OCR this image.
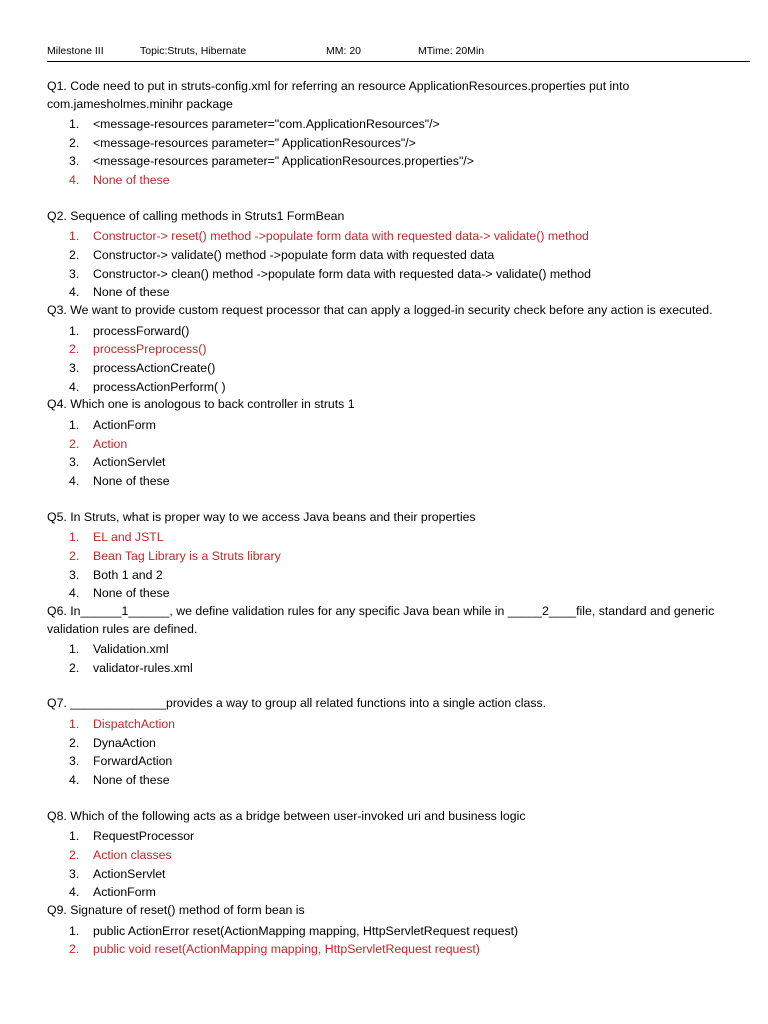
Milestone III	Topic:Struts, Hibernate	MM: 20	MTime: 20Min

Q1. Code need to put in struts-config.xml for referring an resource ApplicationResources.properties put into com.jamesholmes.minihr package

1. <message-resources parameter="com.ApplicationResources"/>
2. <message-resources parameter=" ApplicationResources"/>
3. <message-resources parameter=" ApplicationResources.properties"/>
4. None of these

Q2. Sequence of calling methods in Struts1 FormBean

1. Constructor-> reset() method ->populate form data with requested data-> validate() method
2. Constructor-> validate() method ->populate form data with requested data
3. Constructor-> clean() method ->populate form data with requested data-> validate() method
4. None of these

Q3. We want to provide custom request processor that can apply a logged-in security check before any action is executed.

1. processForward()
2. processPreprocess()
3. processActionCreate()
4. processActionPerform( )

Q4. Which one is anologous to back controller in struts 1

1. ActionForm
2. Action
3. ActionServlet
4. None of these

Q5. In Struts, what is proper way to we access Java beans and their properties

1. EL and JSTL
2. Bean Tag Library is a Struts library
3. Both 1 and 2
4. None of these

Q6. In______1______, we define validation rules for any specific Java bean while in _____2____file, standard and generic validation rules are defined.

1. Validation.xml
2. validator-rules.xml

Q7. ______________provides a way to group all related functions into a single action class.

1. DispatchAction
2. DynaAction
3. ForwardAction
4. None of these

Q8. Which of the following acts as a bridge between user-invoked uri and business logic

1. RequestProcessor
2. Action classes
3. ActionServlet
4. ActionForm

Q9. Signature of reset() method of form bean is

1. public ActionError reset(ActionMapping mapping, HttpServletRequest request)
2. public void reset(ActionMapping mapping, HttpServletRequest request)
